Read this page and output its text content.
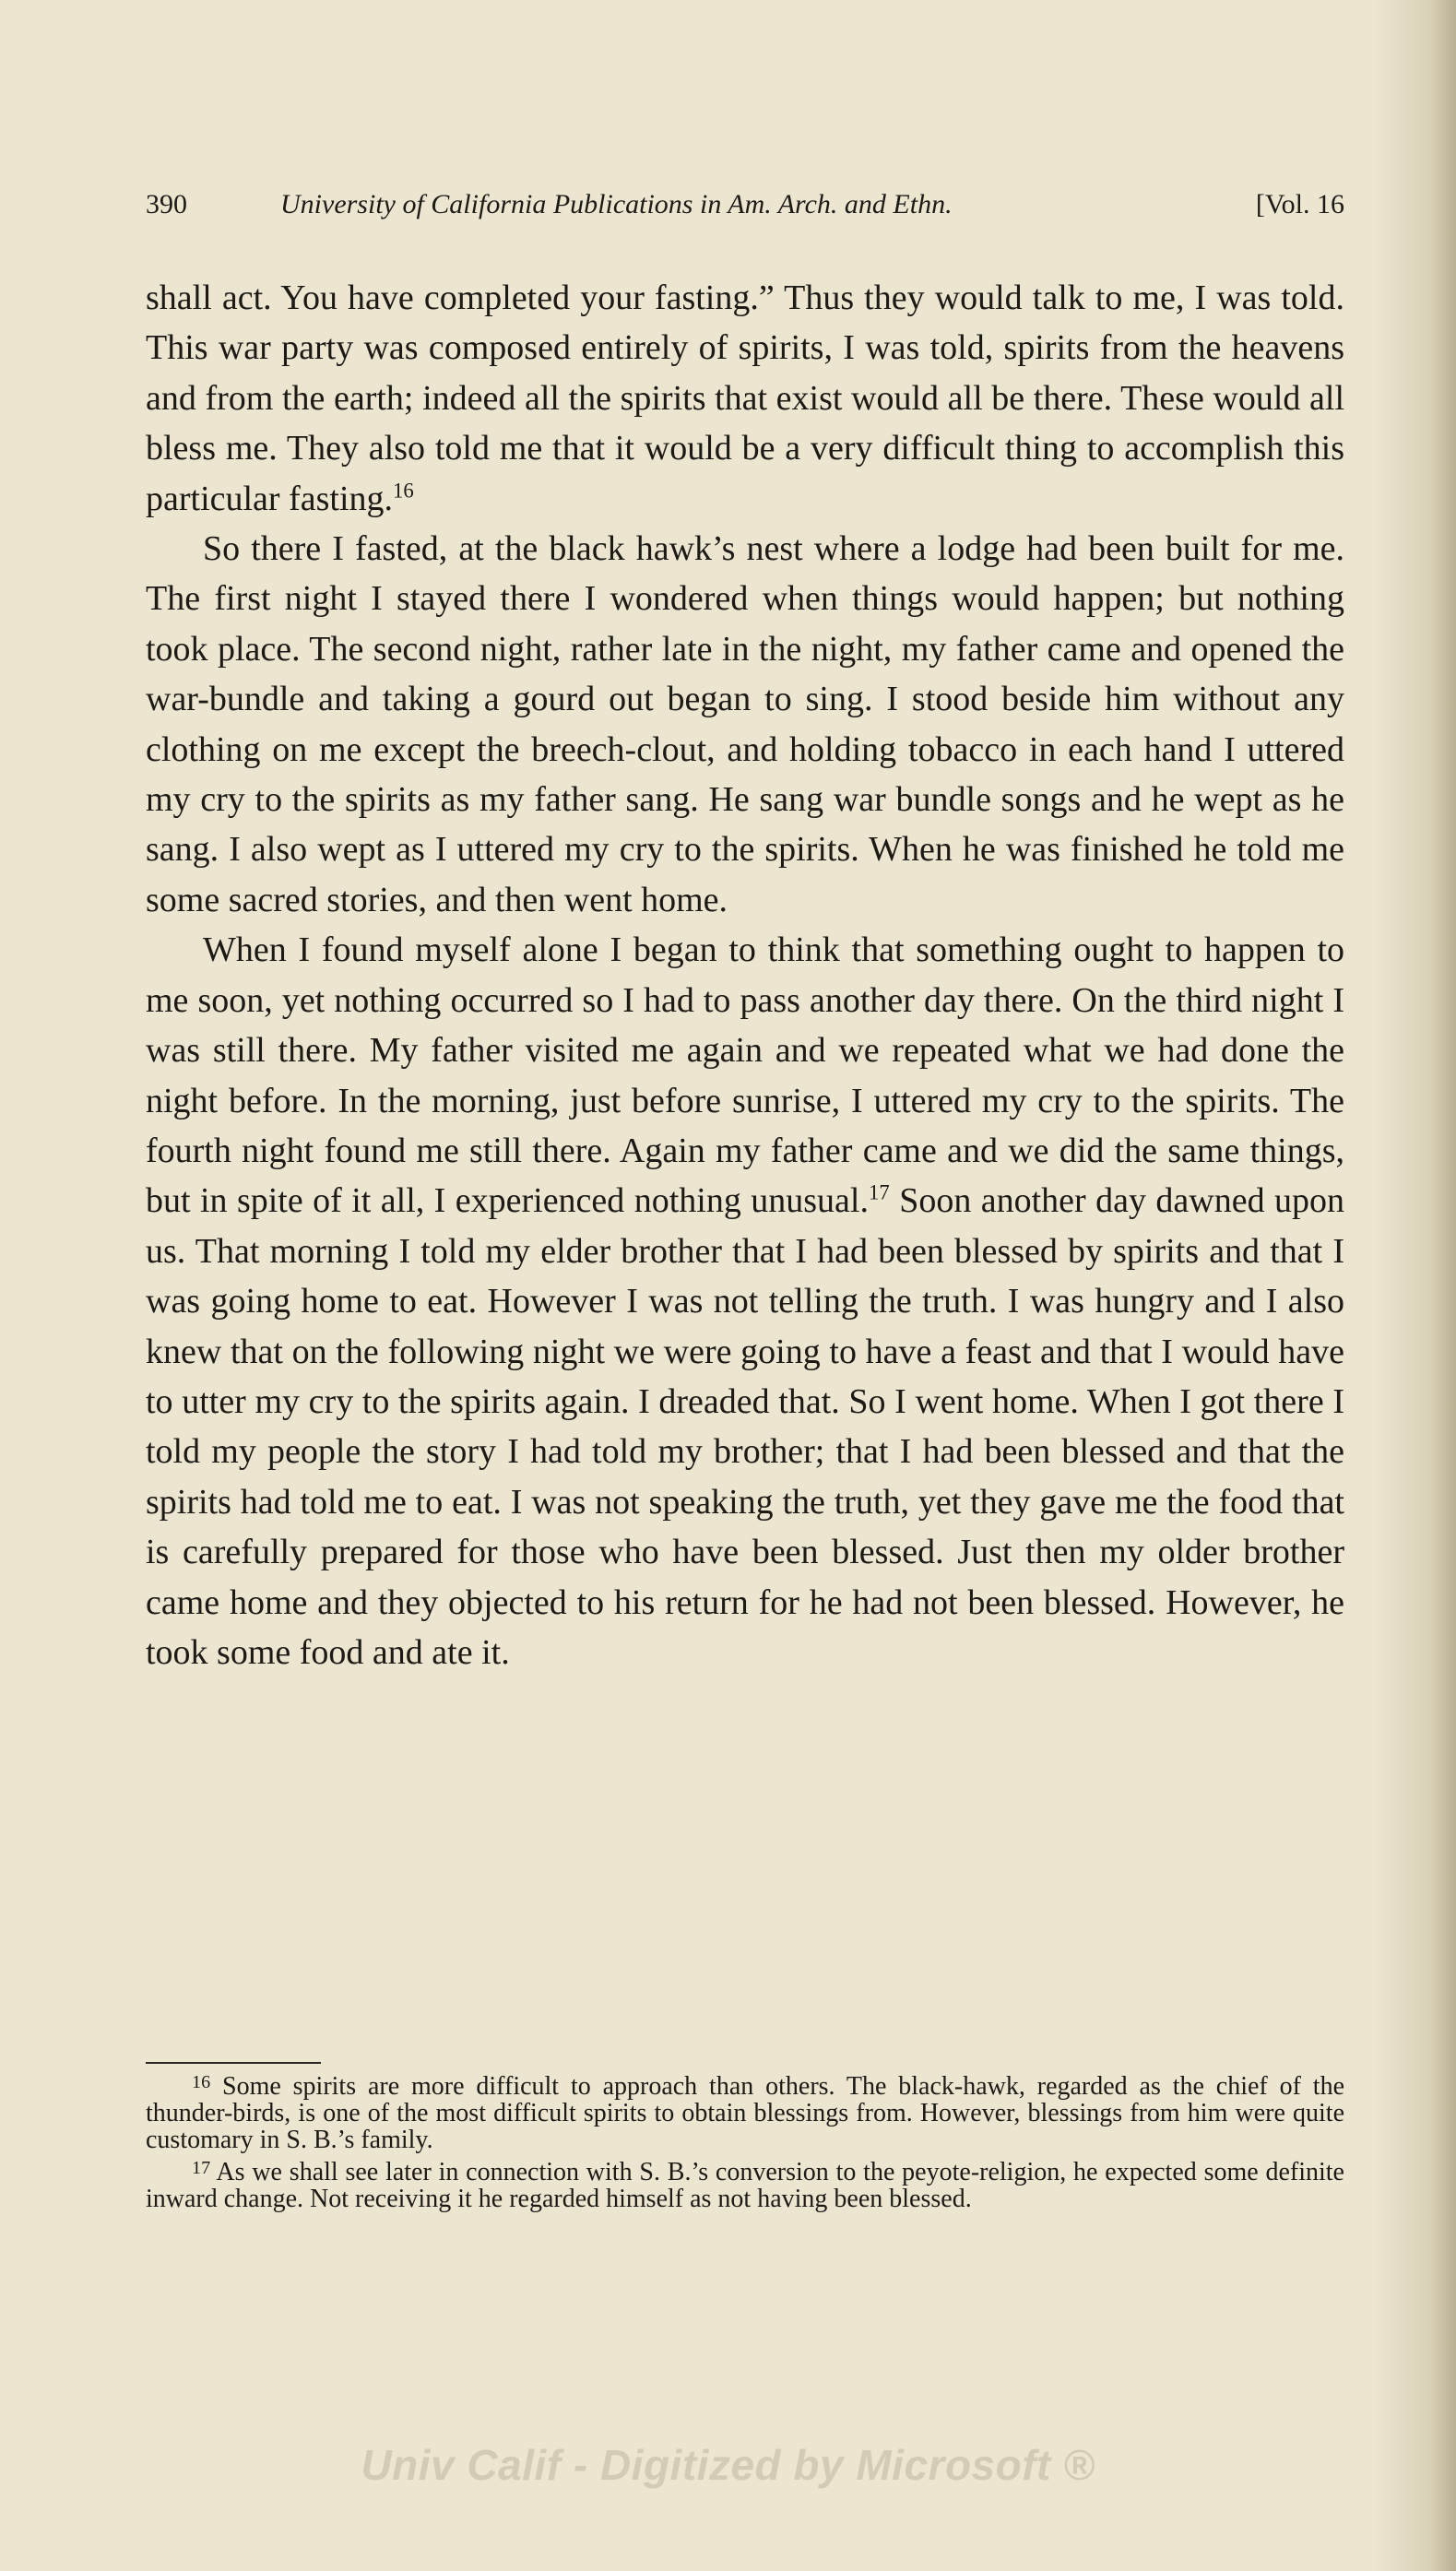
390	University of California Publications in Am. Arch. and Ethn.	[Vol. 16

shall act. You have completed your fasting.” Thus they would talk to me, I was told. This war party was composed entirely of spirits, I was told, spirits from the heavens and from the earth; indeed all the spirits that exist would all be there. These would all bless me. They also told me that it would be a very difficult thing to accomplish this particular fasting.$^{16}$

So there I fasted, at the black hawk’s nest where a lodge had been built for me. The first night I stayed there I wondered when things would happen; but nothing took place. The second night, rather late in the night, my father came and opened the war-bundle and taking a gourd out began to sing. I stood beside him without any clothing on me except the breech-clout, and holding tobacco in each hand I uttered my cry to the spirits as my father sang. He sang war bundle songs and he wept as he sang. I also wept as I uttered my cry to the spirits. When he was finished he told me some sacred stories, and then went home.

When I found myself alone I began to think that something ought to happen to me soon, yet nothing occurred so I had to pass another day there. On the third night I was still there. My father visited me again and we repeated what we had done the night before. In the morning, just before sunrise, I uttered my cry to the spirits. The fourth night found me still there. Again my father came and we did the same things, but in spite of it all, I experienced nothing unusual.$^{17}$ Soon another day dawned upon us. That morning I told my elder brother that I had been blessed by spirits and that I was going home to eat. However I was not telling the truth. I was hungry and I also knew that on the following night we were going to have a feast and that I would have to utter my cry to the spirits again. I dreaded that. So I went home. When I got there I told my people the story I had told my brother; that I had been blessed and that the spirits had told me to eat. I was not speaking the truth, yet they gave me the food that is carefully prepared for those who have been blessed. Just then my older brother came home and they objected to his return for he had not been blessed. However, he took some food and ate it.

$^{16}$ Some spirits are more difficult to approach than others. The black-hawk, regarded as the chief of the thunder-birds, is one of the most difficult spirits to obtain blessings from. However, blessings from him were quite customary in S. B.’s family.

$^{17}$ As we shall see later in connection with S. B.’s conversion to the peyote-religion, he expected some definite inward change. Not receiving it he regarded himself as not having been blessed.

Univ Calif - Digitized by Microsoft ®
